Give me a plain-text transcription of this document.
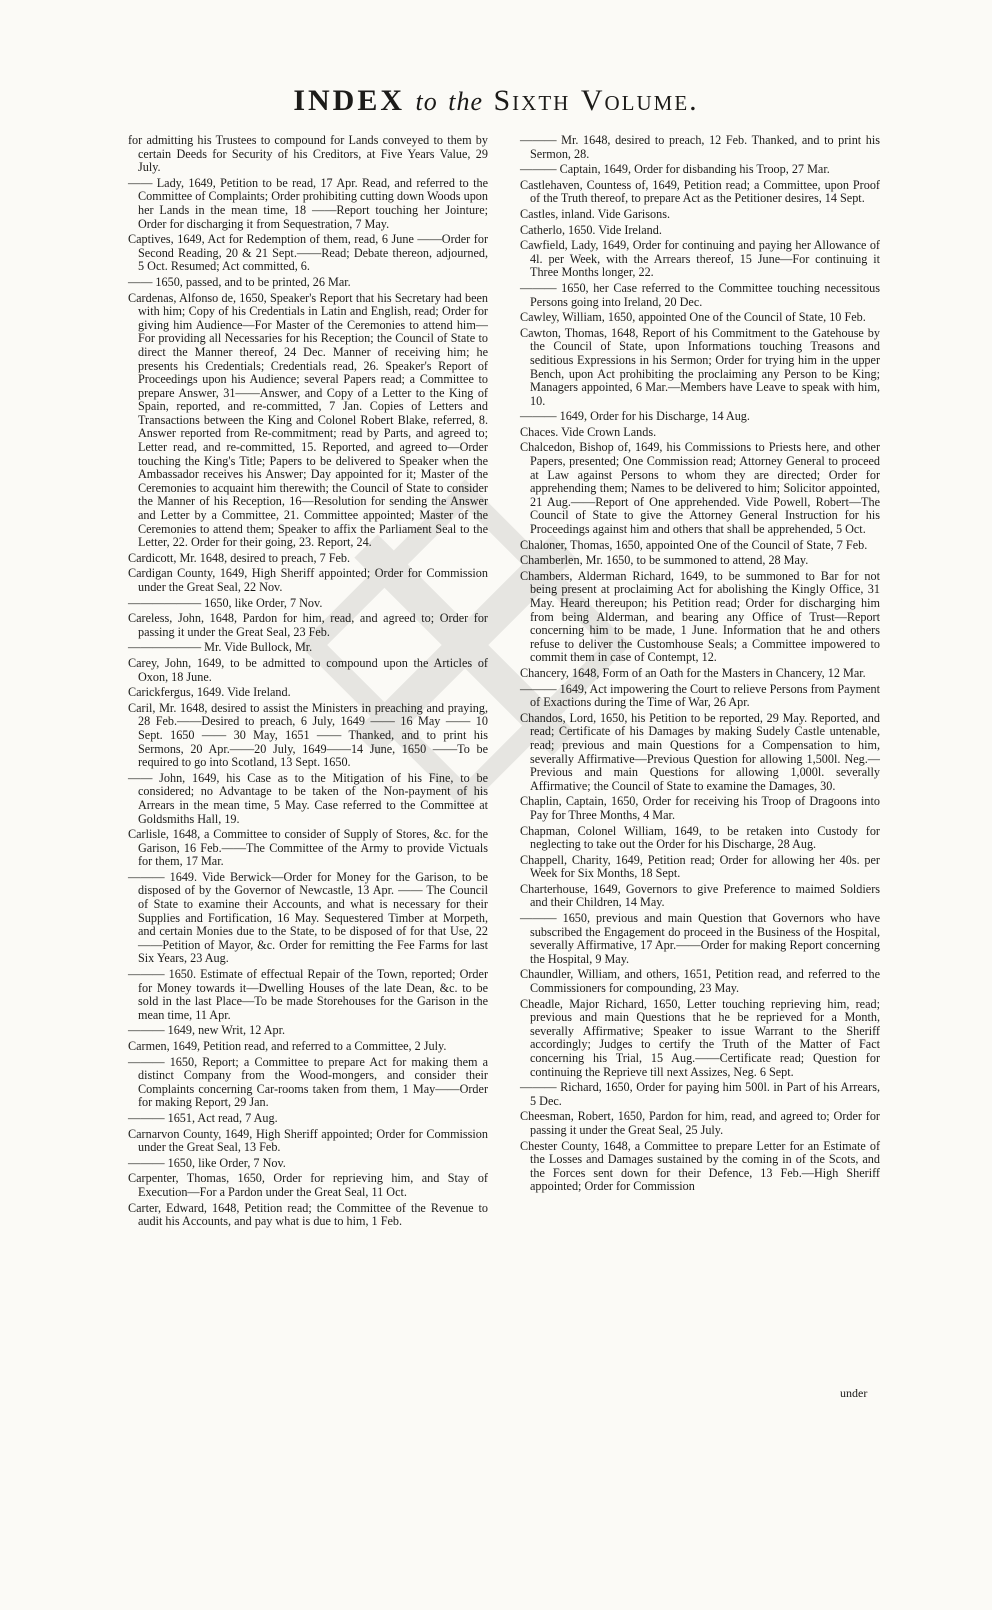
INDEX to the Sixth Volume.

for admitting his Trustees to compound for Lands conveyed to them by certain Deeds for Security of his Creditors, at Five Years Value, 29 July.

—— Lady, 1649, Petition to be read, 17 Apr. Read, and referred to the Committee of Complaints; Order prohibiting cutting down Woods upon her Lands in the mean time, 18 ——Report touching her Jointure; Order for discharging it from Sequestration, 7 May.

Captives, 1649, Act for Redemption of them, read, 6 June ——Order for Second Reading, 20 & 21 Sept.——Read; Debate thereon, adjourned, 5 Oct. Resumed; Act committed, 6.

—— 1650, passed, and to be printed, 26 Mar.

Cardenas, Alfonso de, 1650, Speaker's Report that his Secretary had been with him; Copy of his Credentials in Latin and English, read; Order for giving him Audience—For Master of the Ceremonies to attend him—For providing all Necessaries for his Reception; the Council of State to direct the Manner thereof, 24 Dec. Manner of receiving him; he presents his Credentials; Credentials read, 26. Speaker's Report of Proceedings upon his Audience; several Papers read; a Committee to prepare Answer, 31——Answer, and Copy of a Letter to the King of Spain, reported, and re-committed, 7 Jan. Copies of Letters and Transactions between the King and Colonel Robert Blake, referred, 8. Answer reported from Re-commitment; read by Parts, and agreed to; Letter read, and re-committed, 15. Reported, and agreed to—Order touching the King's Title; Papers to be delivered to Speaker when the Ambassador receives his Answer; Day appointed for it; Master of the Ceremonies to acquaint him therewith; the Council of State to consider the Manner of his Reception, 16—Resolution for sending the Answer and Letter by a Committee, 21. Committee appointed; Master of the Ceremonies to attend them; Speaker to affix the Parliament Seal to the Letter, 22. Order for their going, 23. Report, 24.

Cardicott, Mr. 1648, desired to preach, 7 Feb.

Cardigan County, 1649, High Sheriff appointed; Order for Commission under the Great Seal, 22 Nov.

—————— 1650, like Order, 7 Nov.

Careless, John, 1648, Pardon for him, read, and agreed to; Order for passing it under the Great Seal, 23 Feb.

—————— Mr. Vide Bullock, Mr.

Carey, John, 1649, to be admitted to compound upon the Articles of Oxon, 18 June.

Carickfergus, 1649. Vide Ireland.

Caril, Mr. 1648, desired to assist the Ministers in preaching and praying, 28 Feb.——Desired to preach, 6 July, 1649 —— 16 May —— 10 Sept. 1650 —— 30 May, 1651 —— Thanked, and to print his Sermons, 20 Apr.——20 July, 1649——14 June, 1650 ——To be required to go into Scotland, 13 Sept. 1650.

—— John, 1649, his Case as to the Mitigation of his Fine, to be considered; no Advantage to be taken of the Non-payment of his Arrears in the mean time, 5 May. Case referred to the Committee at Goldsmiths Hall, 19.

Carlisle, 1648, a Committee to consider of Supply of Stores, &c. for the Garison, 16 Feb.——The Committee of the Army to provide Victuals for them, 17 Mar.

——— 1649. Vide Berwick—Order for Money for the Garison, to be disposed of by the Governor of Newcastle, 13 Apr. —— The Council of State to examine their Accounts, and what is necessary for their Supplies and Fortification, 16 May. Sequestered Timber at Morpeth, and certain Monies due to the State, to be disposed of for that Use, 22——Petition of Mayor, &c. Order for remitting the Fee Farms for last Six Years, 23 Aug.

——— 1650. Estimate of effectual Repair of the Town, reported; Order for Money towards it—Dwelling Houses of the late Dean, &c. to be sold in the last Place—To be made Storehouses for the Garison in the mean time, 11 Apr.

——— 1649, new Writ, 12 Apr.

Carmen, 1649, Petition read, and referred to a Committee, 2 July.

——— 1650, Report; a Committee to prepare Act for making them a distinct Company from the Wood-mongers, and consider their Complaints concerning Car-rooms taken from them, 1 May——Order for making Report, 29 Jan.

——— 1651, Act read, 7 Aug.

Carnarvon County, 1649, High Sheriff appointed; Order for Commission under the Great Seal, 13 Feb.

——— 1650, like Order, 7 Nov.

Carpenter, Thomas, 1650, Order for reprieving him, and Stay of Execution—For a Pardon under the Great Seal, 11 Oct.

Carter, Edward, 1648, Petition read; the Committee of the Revenue to audit his Accounts, and pay what is due to him, 1 Feb.

——— Mr. 1648, desired to preach, 12 Feb. Thanked, and to print his Sermon, 28.

——— Captain, 1649, Order for disbanding his Troop, 27 Mar.

Castlehaven, Countess of, 1649, Petition read; a Committee, upon Proof of the Truth thereof, to prepare Act as the Petitioner desires, 14 Sept.

Castles, inland. Vide Garisons.

Catherlo, 1650. Vide Ireland.

Cawfield, Lady, 1649, Order for continuing and paying her Allowance of 4l. per Week, with the Arrears thereof, 15 June—For continuing it Three Months longer, 22.

——— 1650, her Case referred to the Committee touching necessitous Persons going into Ireland, 20 Dec.

Cawley, William, 1650, appointed One of the Council of State, 10 Feb.

Cawton, Thomas, 1648, Report of his Commitment to the Gatehouse by the Council of State, upon Informations touching Treasons and seditious Expressions in his Sermon; Order for trying him in the upper Bench, upon Act prohibiting the proclaiming any Person to be King; Managers appointed, 6 Mar.—Members have Leave to speak with him, 10.

——— 1649, Order for his Discharge, 14 Aug.

Chaces. Vide Crown Lands.

Chalcedon, Bishop of, 1649, his Commissions to Priests here, and other Papers, presented; One Commission read; Attorney General to proceed at Law against Persons to whom they are directed; Order for apprehending them; Names to be delivered to him; Solicitor appointed, 21 Aug.——Report of One apprehended. Vide Powell, Robert—The Council of State to give the Attorney General Instruction for his Proceedings against him and others that shall be apprehended, 5 Oct.

Chaloner, Thomas, 1650, appointed One of the Council of State, 7 Feb.

Chamberlen, Mr. 1650, to be summoned to attend, 28 May.

Chambers, Alderman Richard, 1649, to be summoned to Bar for not being present at proclaiming Act for abolishing the Kingly Office, 31 May. Heard thereupon; his Petition read; Order for discharging him from being Alderman, and bearing any Office of Trust—Report concerning him to be made, 1 June. Information that he and others refuse to deliver the Customhouse Seals; a Committee impowered to commit them in case of Contempt, 12.

Chancery, 1648, Form of an Oath for the Masters in Chancery, 12 Mar.

——— 1649, Act impowering the Court to relieve Persons from Payment of Exactions during the Time of War, 26 Apr.

Chandos, Lord, 1650, his Petition to be reported, 29 May. Reported, and read; Certificate of his Damages by making Sudely Castle untenable, read; previous and main Questions for a Compensation to him, severally Affirmative—Previous Question for allowing 1,500l. Neg.—Previous and main Questions for allowing 1,000l. severally Affirmative; the Council of State to examine the Damages, 30.

Chaplin, Captain, 1650, Order for receiving his Troop of Dragoons into Pay for Three Months, 4 Mar.

Chapman, Colonel William, 1649, to be retaken into Custody for neglecting to take out the Order for his Discharge, 28 Aug.

Chappell, Charity, 1649, Petition read; Order for allowing her 40s. per Week for Six Months, 18 Sept.

Charterhouse, 1649, Governors to give Preference to maimed Soldiers and their Children, 14 May.

——— 1650, previous and main Question that Governors who have subscribed the Engagement do proceed in the Business of the Hospital, severally Affirmative, 17 Apr.——Order for making Report concerning the Hospital, 9 May.

Chaundler, William, and others, 1651, Petition read, and referred to the Commissioners for compounding, 23 May.

Cheadle, Major Richard, 1650, Letter touching reprieving him, read; previous and main Questions that he be reprieved for a Month, severally Affirmative; Speaker to issue Warrant to the Sheriff accordingly; Judges to certify the Truth of the Matter of Fact concerning his Trial, 15 Aug.——Certificate read; Question for continuing the Reprieve till next Assizes, Neg. 6 Sept.

——— Richard, 1650, Order for paying him 500l. in Part of his Arrears, 5 Dec.

Cheesman, Robert, 1650, Pardon for him, read, and agreed to; Order for passing it under the Great Seal, 25 July.

Chester County, 1648, a Committee to prepare Letter for an Estimate of the Losses and Damages sustained by the coming in of the Scots, and the Forces sent down for their Defence, 13 Feb.—High Sheriff appointed; Order for Commission

under
